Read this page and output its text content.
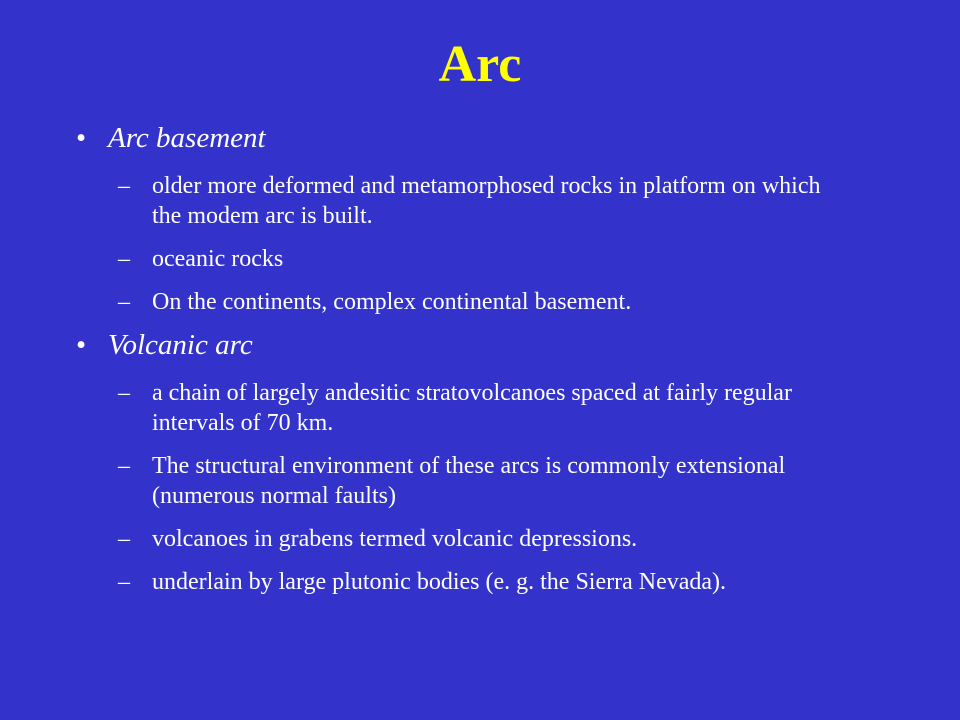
Arc
• Arc basement
– older more deformed and metamorphosed rocks in platform on which the modem arc is built.
– oceanic rocks
– On the continents, complex continental basement.
• Volcanic arc
– a chain of largely andesitic stratovolcanoes spaced at fairly regular intervals of 70 km.
– The structural environment of these arcs is commonly extensional (numerous normal faults)
– volcanoes in grabens termed volcanic depressions.
– underlain by large plutonic bodies (e. g. the Sierra Nevada).
